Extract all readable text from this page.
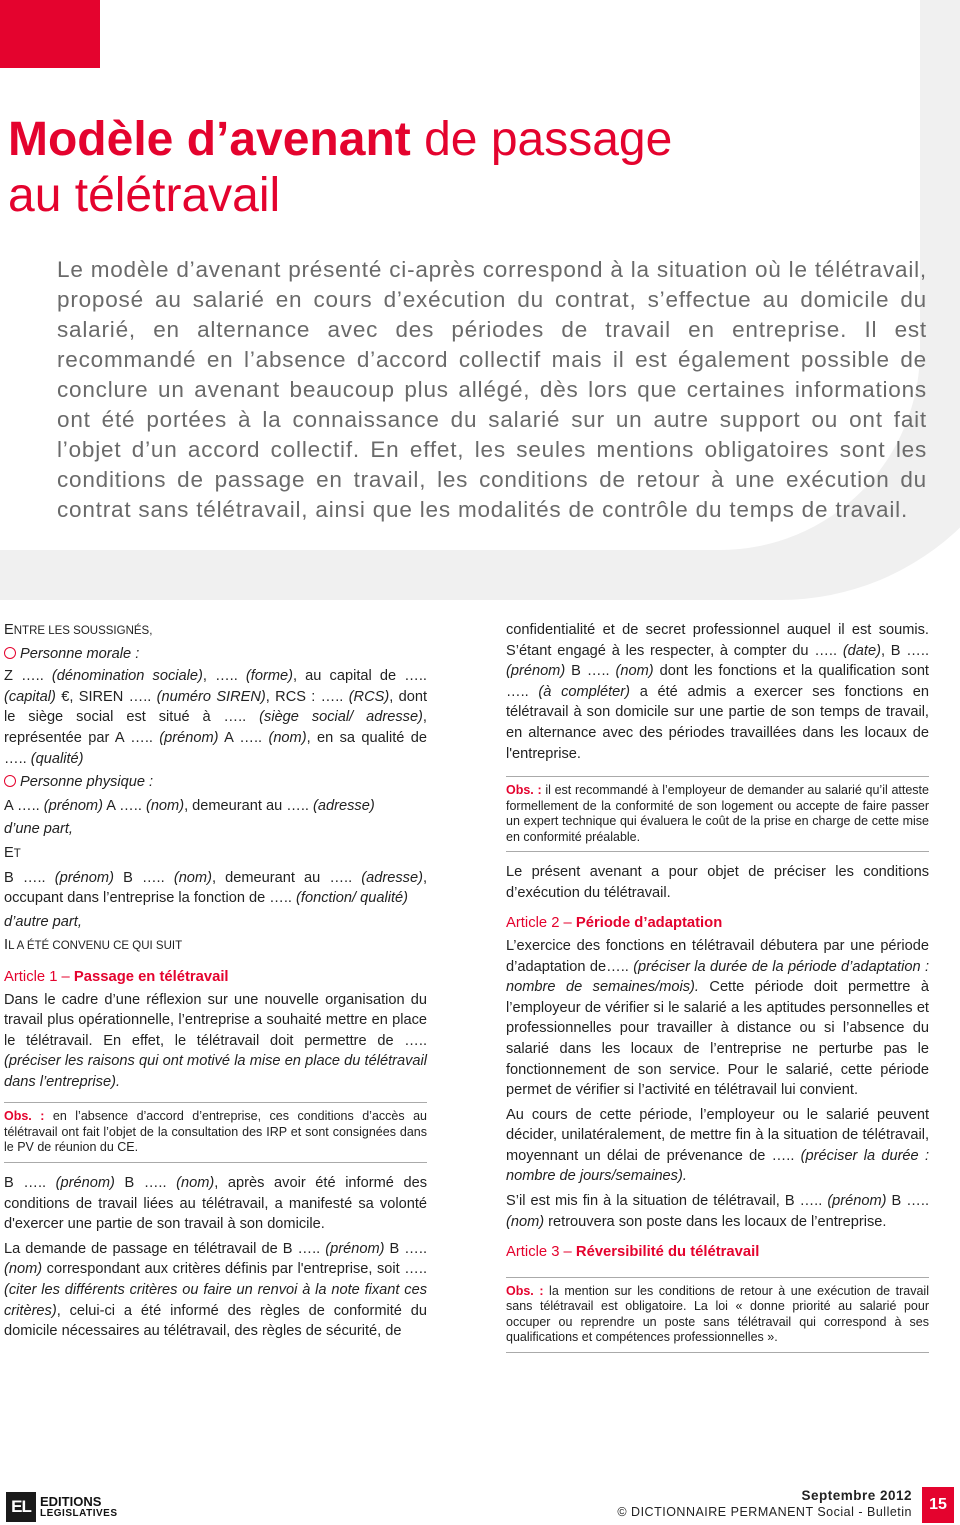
Modèle d’avenant de passage
au télétravail

Le modèle d’avenant présenté ci-après correspond à la situation où le télétravail, proposé au salarié en cours d’exécution du contrat, s’effectue au domicile du salarié, en alternance avec des périodes de travail en entreprise. Il est recommandé en l’absence d’accord collectif mais il est également possible de conclure un avenant beaucoup plus allégé, dès lors que certaines informations ont été portées à la connaissance du salarié sur un autre support ou ont fait l’objet d’un accord collectif. En effet, les seules mentions obligatoires sont les conditions de passage en travail, les conditions de retour à une exécution du contrat sans télétravail, ainsi que les modalités de contrôle du temps de travail.

ENTRE LES SOUSSIGNÉS,

Personne morale :

Z ….. (dénomination sociale), ….. (forme), au capital de ….. (capital) €, SIREN ….. (numéro SIREN), RCS : ….. (RCS), dont le siège social est situé à ….. (siège social/ adresse), représentée par A ….. (prénom) A ….. (nom), en sa qualité de ….. (qualité)

Personne physique :

A ….. (prénom) A ….. (nom), demeurant au ….. (adresse)

d’une part,

ET

B ….. (prénom) B ….. (nom), demeurant au ….. (adresse), occupant dans l’entreprise la fonction de ….. (fonction/ qualité)

d’autre part,

IL A ÉTÉ CONVENU CE QUI SUIT

Article 1 – Passage en télétravail

Dans le cadre d’une réflexion sur une nouvelle organisation du travail plus opérationnelle, l’entreprise a souhaité mettre en place le télétravail. En effet, le télétravail doit permettre de ….. (préciser les raisons qui ont motivé la mise en place du télétravail dans l’entreprise).

Obs. : en l’absence d’accord d’entreprise, ces conditions d’accès au télétravail ont fait l’objet de la consultation des IRP et sont consignées dans le PV de réunion du CE.

B ….. (prénom) B ….. (nom), après avoir été informé des conditions de travail liées au télétravail, a manifesté sa volonté d'exercer une partie de son travail à son domicile.

La demande de passage en télétravail de B ….. (prénom) B ….. (nom) correspondant aux critères définis par l'entreprise, soit ….. (citer les différents critères ou faire un renvoi à la note fixant ces critères), celui-ci a été informé des règles de conformité du domicile nécessaires au télétravail, des règles de sécurité, de

confidentialité et de secret professionnel auquel il est soumis. S’étant engagé à les respecter, à compter du ….. (date), B ….. (prénom) B ….. (nom) dont les fonctions et la qualification sont ….. (à compléter) a été admis a exercer ses fonctions en télétravail à son domicile sur une partie de son temps de travail, en alternance avec des périodes travaillées dans les locaux de l'entreprise.

Obs. : il est recommandé à l’employeur de demander au salarié qu’il atteste formellement de la conformité de son logement ou accepte de faire passer un expert technique qui évaluera le coût de la prise en charge de cette mise en conformité préalable.

Le présent avenant a pour objet de préciser les conditions d’exécution du télétravail.

Article 2 – Période d’adaptation

L’exercice des fonctions en télétravail débutera par une période d’adaptation de….. (préciser la durée de la période d’adaptation : nombre de semaines/mois). Cette période doit permettre à l’employeur de vérifier si le salarié a les aptitudes personnelles et professionnelles pour travailler à distance ou si l’absence du salarié dans les locaux de l’entreprise ne perturbe pas le fonctionnement de son service. Pour le salarié, cette période permet de vérifier si l’activité en télétravail lui convient.

Au cours de cette période, l’employeur ou le salarié peuvent décider, unilatéralement, de mettre fin à la situation de télétravail, moyennant un délai de prévenance de ….. (préciser la durée : nombre de jours/semaines).

S’il est mis fin à la situation de télétravail, B ….. (prénom) B ….. (nom) retrouvera son poste dans les locaux de l’entreprise.

Article 3 – Réversibilité du télétravail

Obs. : la mention sur les conditions de retour à une exécution de travail sans télétravail est obligatoire. La loi « donne priorité au salarié pour occuper ou reprendre un poste sans télétravail qui correspond à ses qualifications et compétences professionnelles ».
EL EDITIONS
LEGISLATIVES
Septembre 2012
© DICTIONNAIRE PERMANENT Social - Bulletin	15
